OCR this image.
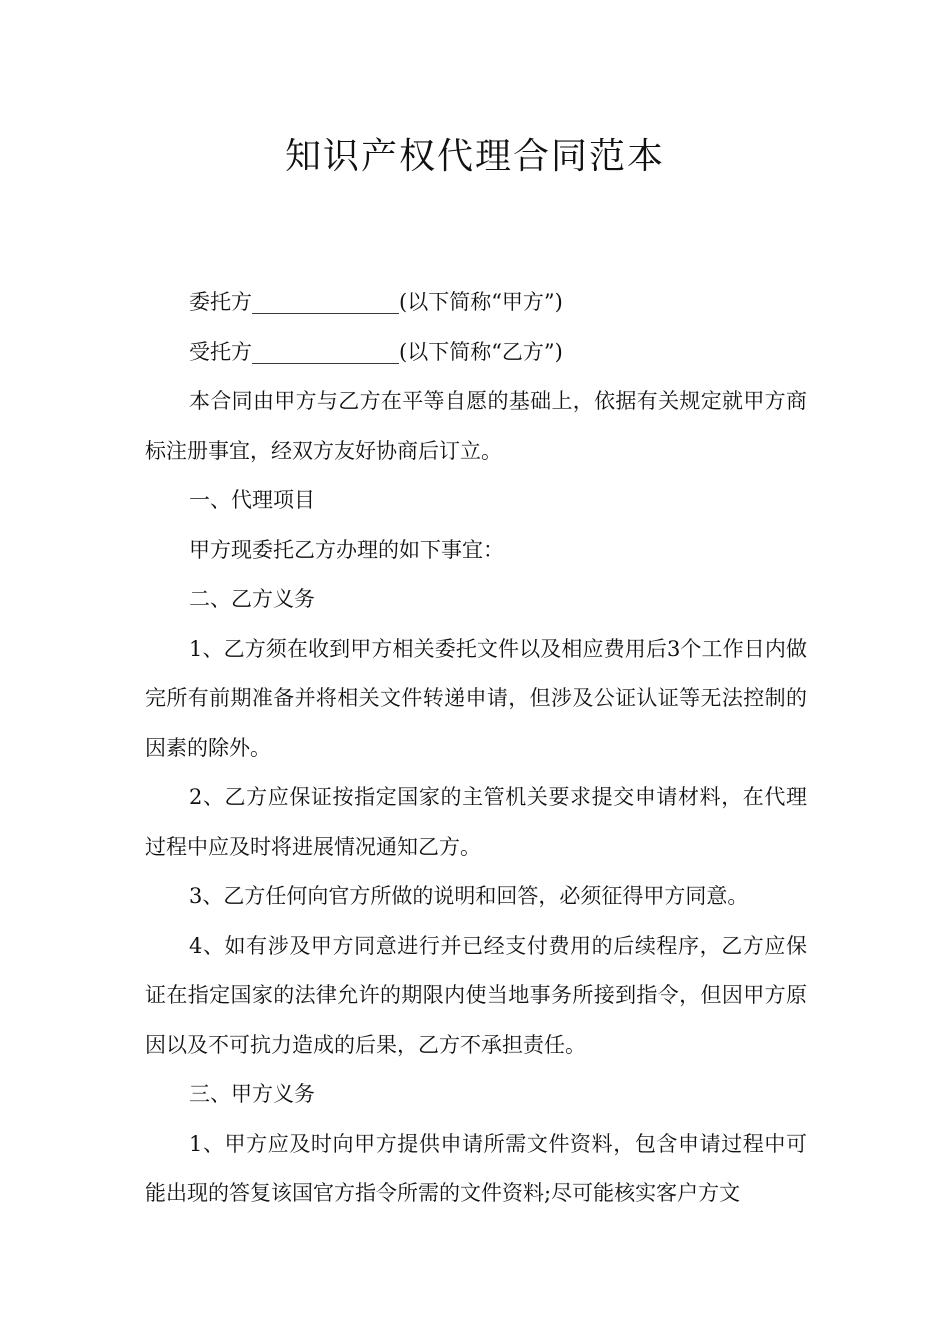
知识产权代理合同范本

委托方______________(以下简称“甲方”)

受托方______________(以下简称“乙方”)

本合同由甲方与乙方在平等自愿的基础上，依据有关规定就甲方商标注册事宜，经双方友好协商后订立。

一、代理项目

甲方现委托乙方办理的如下事宜：

二、乙方义务

1、乙方须在收到甲方相关委托文件以及相应费用后3个工作日内做完所有前期准备并将相关文件转递申请，但涉及公证认证等无法控制的因素的除外。

2、乙方应保证按指定国家的主管机关要求提交申请材料，在代理过程中应及时将进展情况通知乙方。

3、乙方任何向官方所做的说明和回答，必须征得甲方同意。

4、如有涉及甲方同意进行并已经支付费用的后续程序，乙方应保证在指定国家的法律允许的期限内使当地事务所接到指令，但因甲方原因以及不可抗力造成的后果，乙方不承担责任。

三、甲方义务

1、甲方应及时向甲方提供申请所需文件资料，包含申请过程中可能出现的答复该国官方指令所需的文件资料;尽可能核实客户方文
